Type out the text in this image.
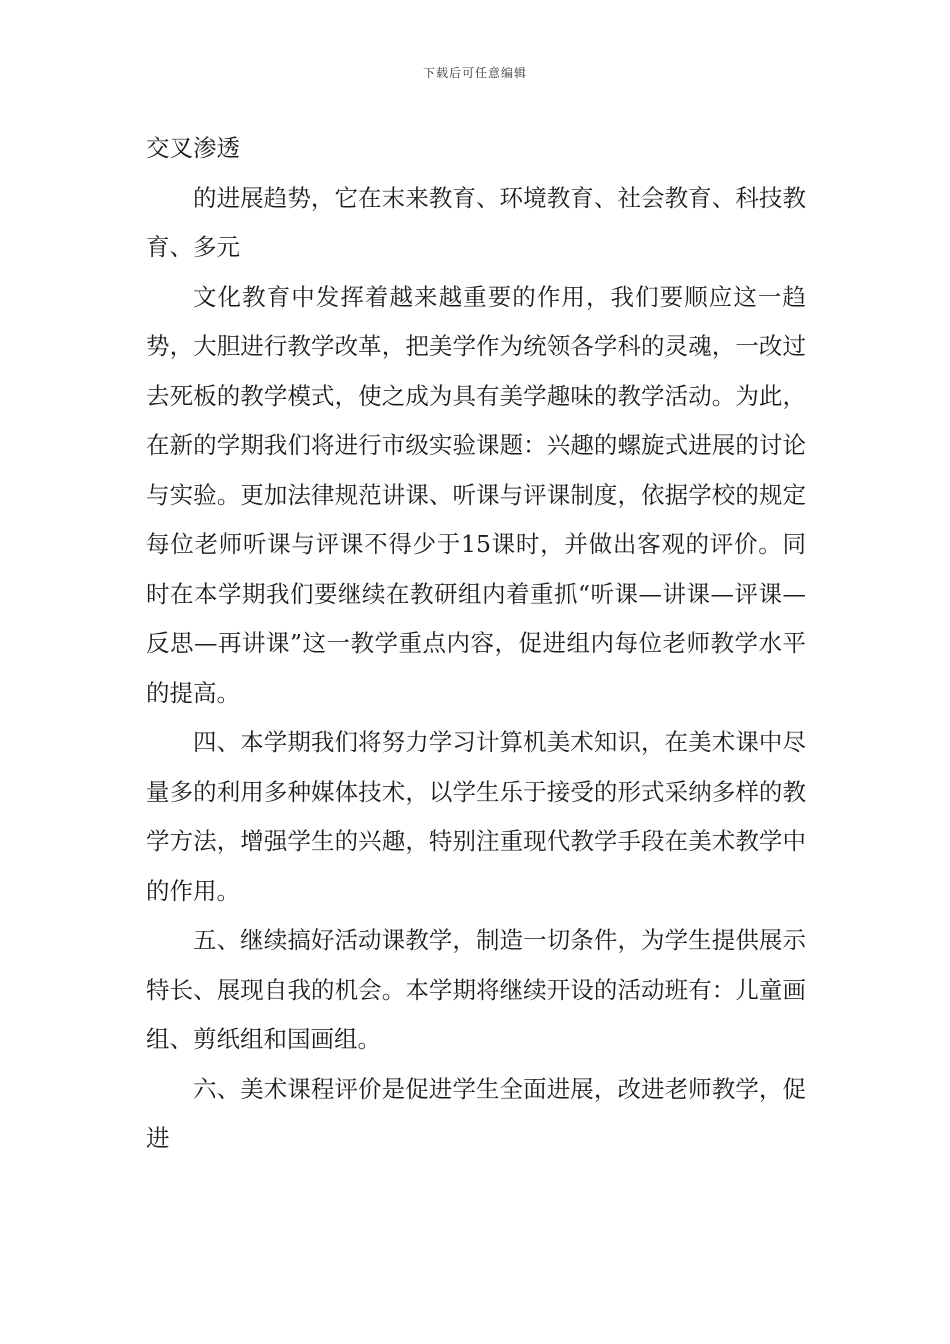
下载后可任意编辑

交叉渗透

的进展趋势，它在末来教育、环境教育、社会教育、科技教育、多元

文化教育中发挥着越来越重要的作用，我们要顺应这一趋势，大胆进行教学改革，把美学作为统领各学科的灵魂，一改过去死板的教学模式，使之成为具有美学趣味的教学活动。为此，在新的学期我们将进行市级实验课题：兴趣的螺旋式进展的讨论与实验。更加法律规范讲课、听课与评课制度，依据学校的规定每位老师听课与评课不得少于15课时，并做出客观的评价。同时在本学期我们要继续在教研组内着重抓“听课—讲课—评课—反思—再讲课”这一教学重点内容，促进组内每位老师教学水平的提高。

四、本学期我们将努力学习计算机美术知识，在美术课中尽量多的利用多种媒体技术，以学生乐于接受的形式采纳多样的教学方法，增强学生的兴趣，特别注重现代教学手段在美术教学中的作用。

五、继续搞好活动课教学，制造一切条件，为学生提供展示特长、展现自我的机会。本学期将继续开设的活动班有：儿童画组、剪纸组和国画组。

六、美术课程评价是促进学生全面进展，改进老师教学，促进
